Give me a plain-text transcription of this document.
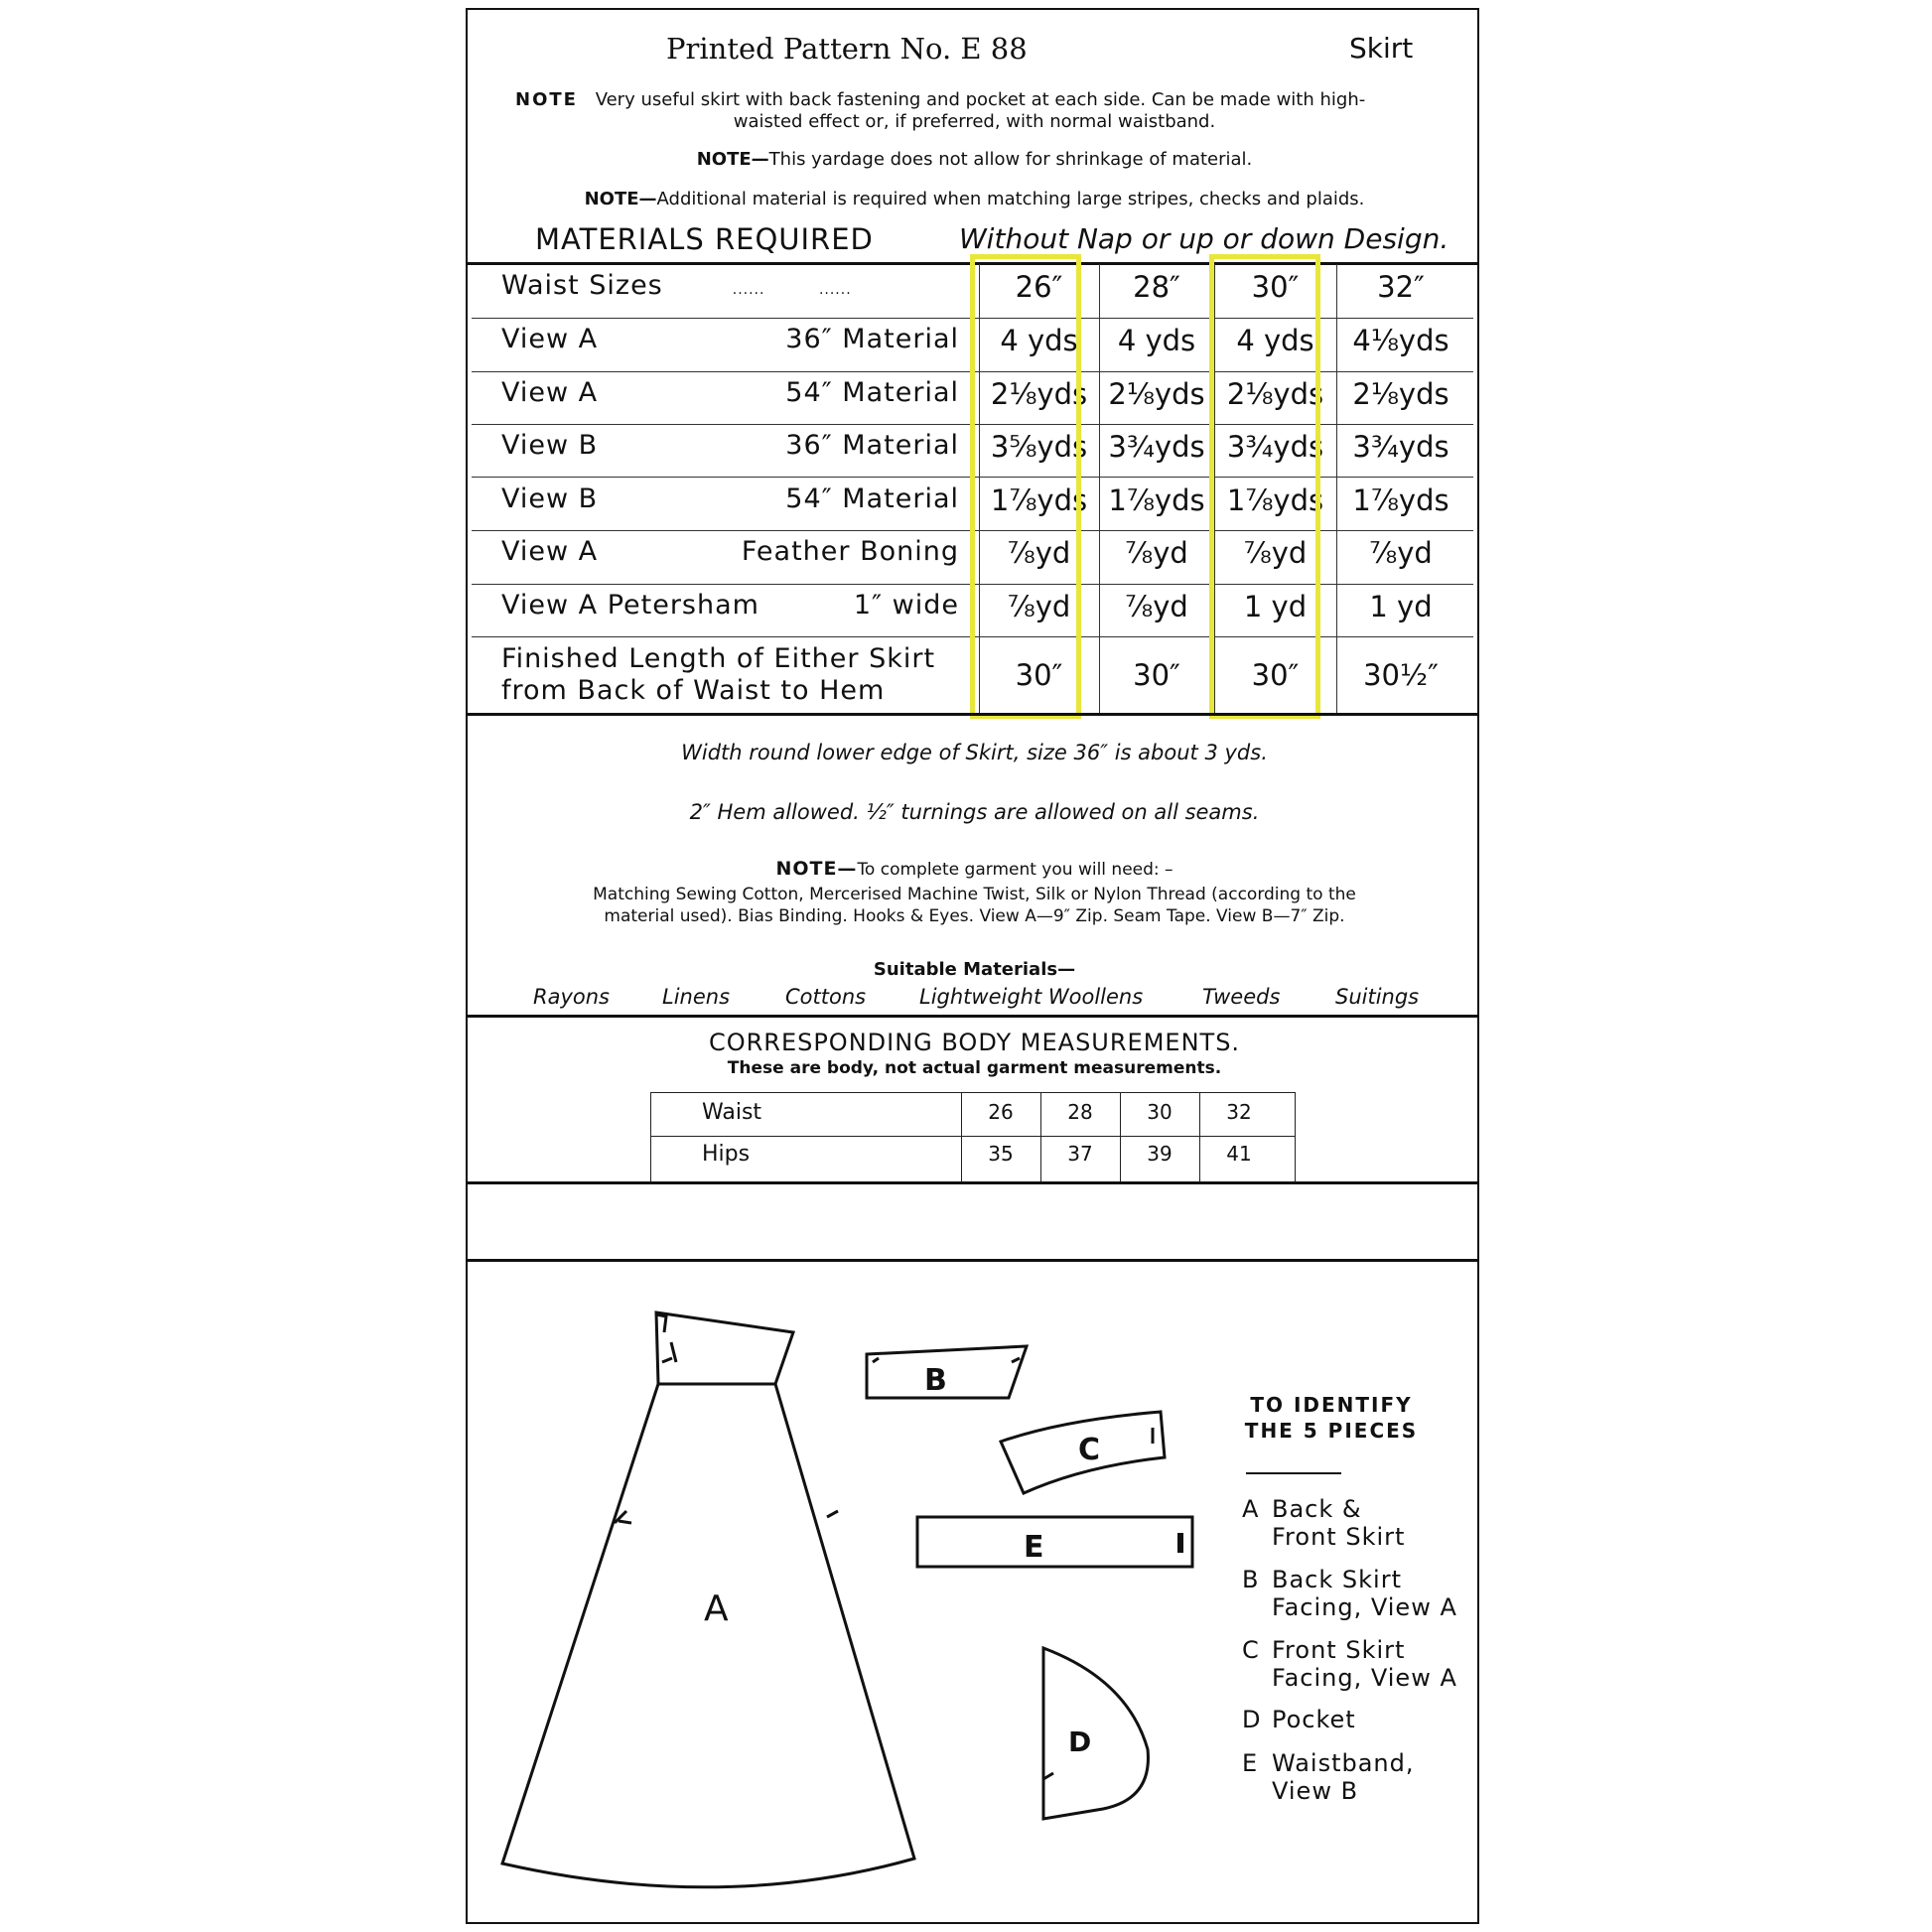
Printed Pattern No. E 88	Skirt
NOTE Very useful skirt with back fastening and pocket at each side. Can be made with high-
waisted effect or, if preferred, with normal waistband.
NOTE—This yardage does not allow for shrinkage of material.
NOTE—Additional material is required when matching large stripes, checks and plaids.
MATERIALS REQUIRED	Without Nap or up or down Design.
Waist Sizes	......          ......	26″	28″	30″	32″
View A	36″ Material	4 yds	4 yds	4 yds	4⅛yds
View A	54″ Material	2⅛yds 2⅛yds 2⅛yds	2⅛yds
View B	36″ Material	3⅝yds 3¾yds 3¾yds	3¾yds
View B	54″ Material	1⅞yds 1⅞yds 1⅞yds	1⅞yds
View A	Feather Boning	⅞yd	⅞yd	⅞yd	⅞yd
View A Petersham	1″ wide	⅞yd	⅞yd	1 yd	1 yd
Finished Length of Either Skirt
from Back of Waist to Hem	30″	30″	30″	30½″
Width round lower edge of Skirt, size 36″ is about 3 yds.
2″ Hem allowed. ½″ turnings are allowed on all seams.
NOTE—To complete garment you will need: –
Matching Sewing Cotton, Mercerised Machine Twist, Silk or Nylon Thread (according to the
material used). Bias Binding. Hooks & Eyes. View A—9″ Zip. Seam Tape. View B—7″ Zip.
Suitable Materials—
Rayons	Linens	Cottons	Lightweight Woollens	Tweeds	Suitings
CORRESPONDING BODY MEASUREMENTS.
These are body, not actual garment measurements.
Waist	26	28	30	32
Hips	35	37	39	41
A
B
C
E
D
TO IDENTIFY
THE 5 PIECES
A Back &
Front Skirt
B Back Skirt
Facing, View A
C Front Skirt
Facing, View A
D Pocket
E Waistband,
View B
